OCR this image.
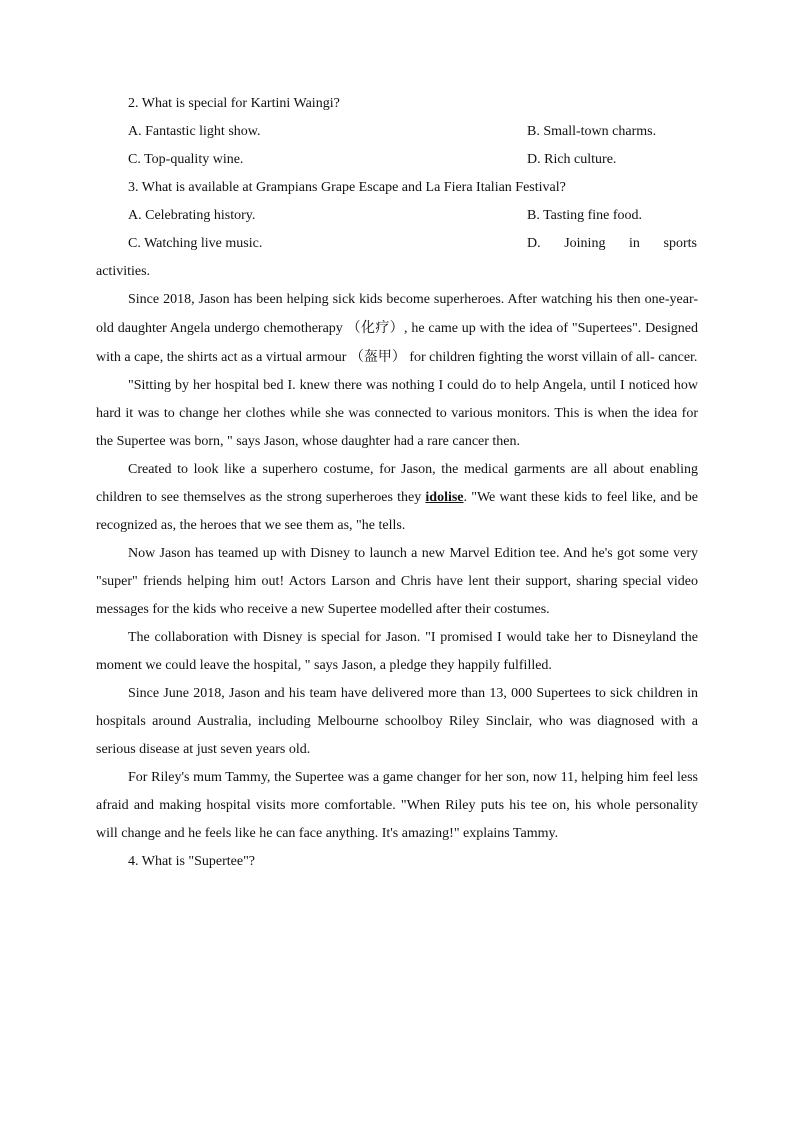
2. What is special for Kartini Waingi?
A. Fantastic light show.	B. Small-town charms.
C. Top-quality wine.	D. Rich culture.
3. What is available at Grampians Grape Escape and La Fiera Italian Festival?
A. Celebrating history.	B. Tasting fine food.
C. Watching live music.	D. Joining in sports
activities.

Since 2018, Jason has been helping sick kids become superheroes. After watching his then one-year-old daughter Angela undergo chemotherapy （化疗）, he came up with the idea of "Supertees". Designed with a cape, the shirts act as a virtual armour （盔甲） for children fighting the worst villain of all- cancer.

"Sitting by her hospital bed I. knew there was nothing I could do to help Angela, until I noticed how hard it was to change her clothes while she was connected to various monitors. This is when the idea for the Supertee was born, " says Jason, whose daughter had a rare cancer then.

Created to look like a superhero costume, for Jason, the medical garments are all about enabling children to see themselves as the strong superheroes they idolise. "We want these kids to feel like, and be recognized as, the heroes that we see them as, "he tells.

Now Jason has teamed up with Disney to launch a new Marvel Edition tee. And he's got some very "super" friends helping him out! Actors Larson and Chris have lent their support, sharing special video messages for the kids who receive a new Supertee modelled after their costumes.

The collaboration with Disney is special for Jason. "I promised I would take her to Disneyland the moment we could leave the hospital, " says Jason, a pledge they happily fulfilled.

Since June 2018, Jason and his team have delivered more than 13, 000 Supertees to sick children in hospitals around Australia, including Melbourne schoolboy Riley Sinclair, who was diagnosed with a serious disease at just seven years old.

For Riley's mum Tammy, the Supertee was a game changer for her son, now 11, helping him feel less afraid and making hospital visits more comfortable. "When Riley puts his tee on, his whole personality will change and he feels like he can face anything. It's amazing!" explains Tammy.

4. What is "Supertee"?
